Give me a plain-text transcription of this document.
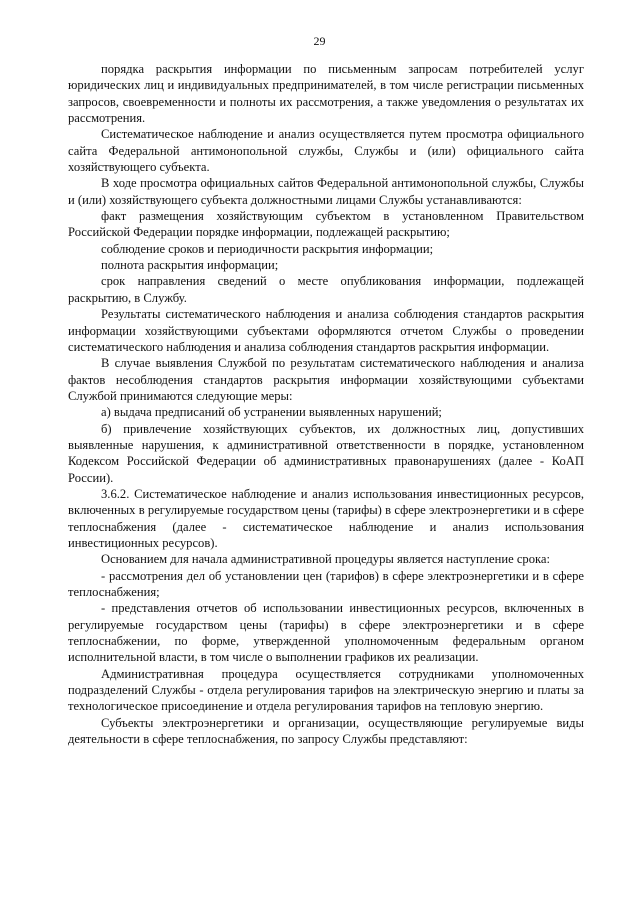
29

порядка раскрытия информации по письменным запросам потребителей услуг юридических лиц и индивидуальных предпринимателей, в том числе регистрации письменных запросов, своевременности и полноты их рассмотрения, а также уведомления о результатах их рассмотрения.

Систематическое наблюдение и анализ осуществляется путем просмотра официального сайта Федеральной антимонопольной службы, Службы и (или) официального сайта хозяйствующего субъекта.

В ходе просмотра официальных сайтов Федеральной антимонопольной службы, Службы и (или) хозяйствующего субъекта должностными лицами Службы устанавливаются:

факт размещения хозяйствующим субъектом в установленном Правительством Российской Федерации порядке информации, подлежащей раскрытию;

соблюдение сроков и периодичности раскрытия информации;

полнота раскрытия информации;

срок направления сведений о месте опубликования информации, подлежащей раскрытию, в Службу.

Результаты систематического наблюдения и анализа соблюдения стандартов раскрытия информации хозяйствующими субъектами оформляются отчетом Службы о проведении систематического наблюдения и анализа соблюдения стандартов раскрытия информации.

В случае выявления Службой по результатам систематического наблюдения и анализа фактов несоблюдения стандартов раскрытия информации хозяйствующими субъектами Службой принимаются следующие меры:

а) выдача предписаний об устранении выявленных нарушений;

б) привлечение хозяйствующих субъектов, их должностных лиц, допустивших выявленные нарушения, к административной ответственности в порядке, установленном Кодексом Российской Федерации об административных правонарушениях (далее - КоАП России).

3.6.2. Систематическое наблюдение и анализ использования инвестиционных ресурсов, включенных в регулируемые государством цены (тарифы) в сфере электроэнергетики и в сфере теплоснабжения (далее - систематическое наблюдение и анализ использования инвестиционных ресурсов).

Основанием для начала административной процедуры является наступление срока:

- рассмотрения дел об установлении цен (тарифов) в сфере электроэнергетики и в сфере теплоснабжения;

- представления отчетов об использовании инвестиционных ресурсов, включенных в регулируемые государством цены (тарифы) в сфере электроэнергетики и в сфере теплоснабжении, по форме, утвержденной уполномоченным федеральным органом исполнительной власти, в том числе о выполнении графиков их реализации.

Административная процедура осуществляется сотрудниками уполномоченных подразделений Службы - отдела регулирования тарифов на электрическую энергию и платы за технологическое присоединение и отдела регулирования тарифов на тепловую энергию.

Субъекты электроэнергетики и организации, осуществляющие регулируемые виды деятельности в сфере теплоснабжения, по запросу Службы представляют:
